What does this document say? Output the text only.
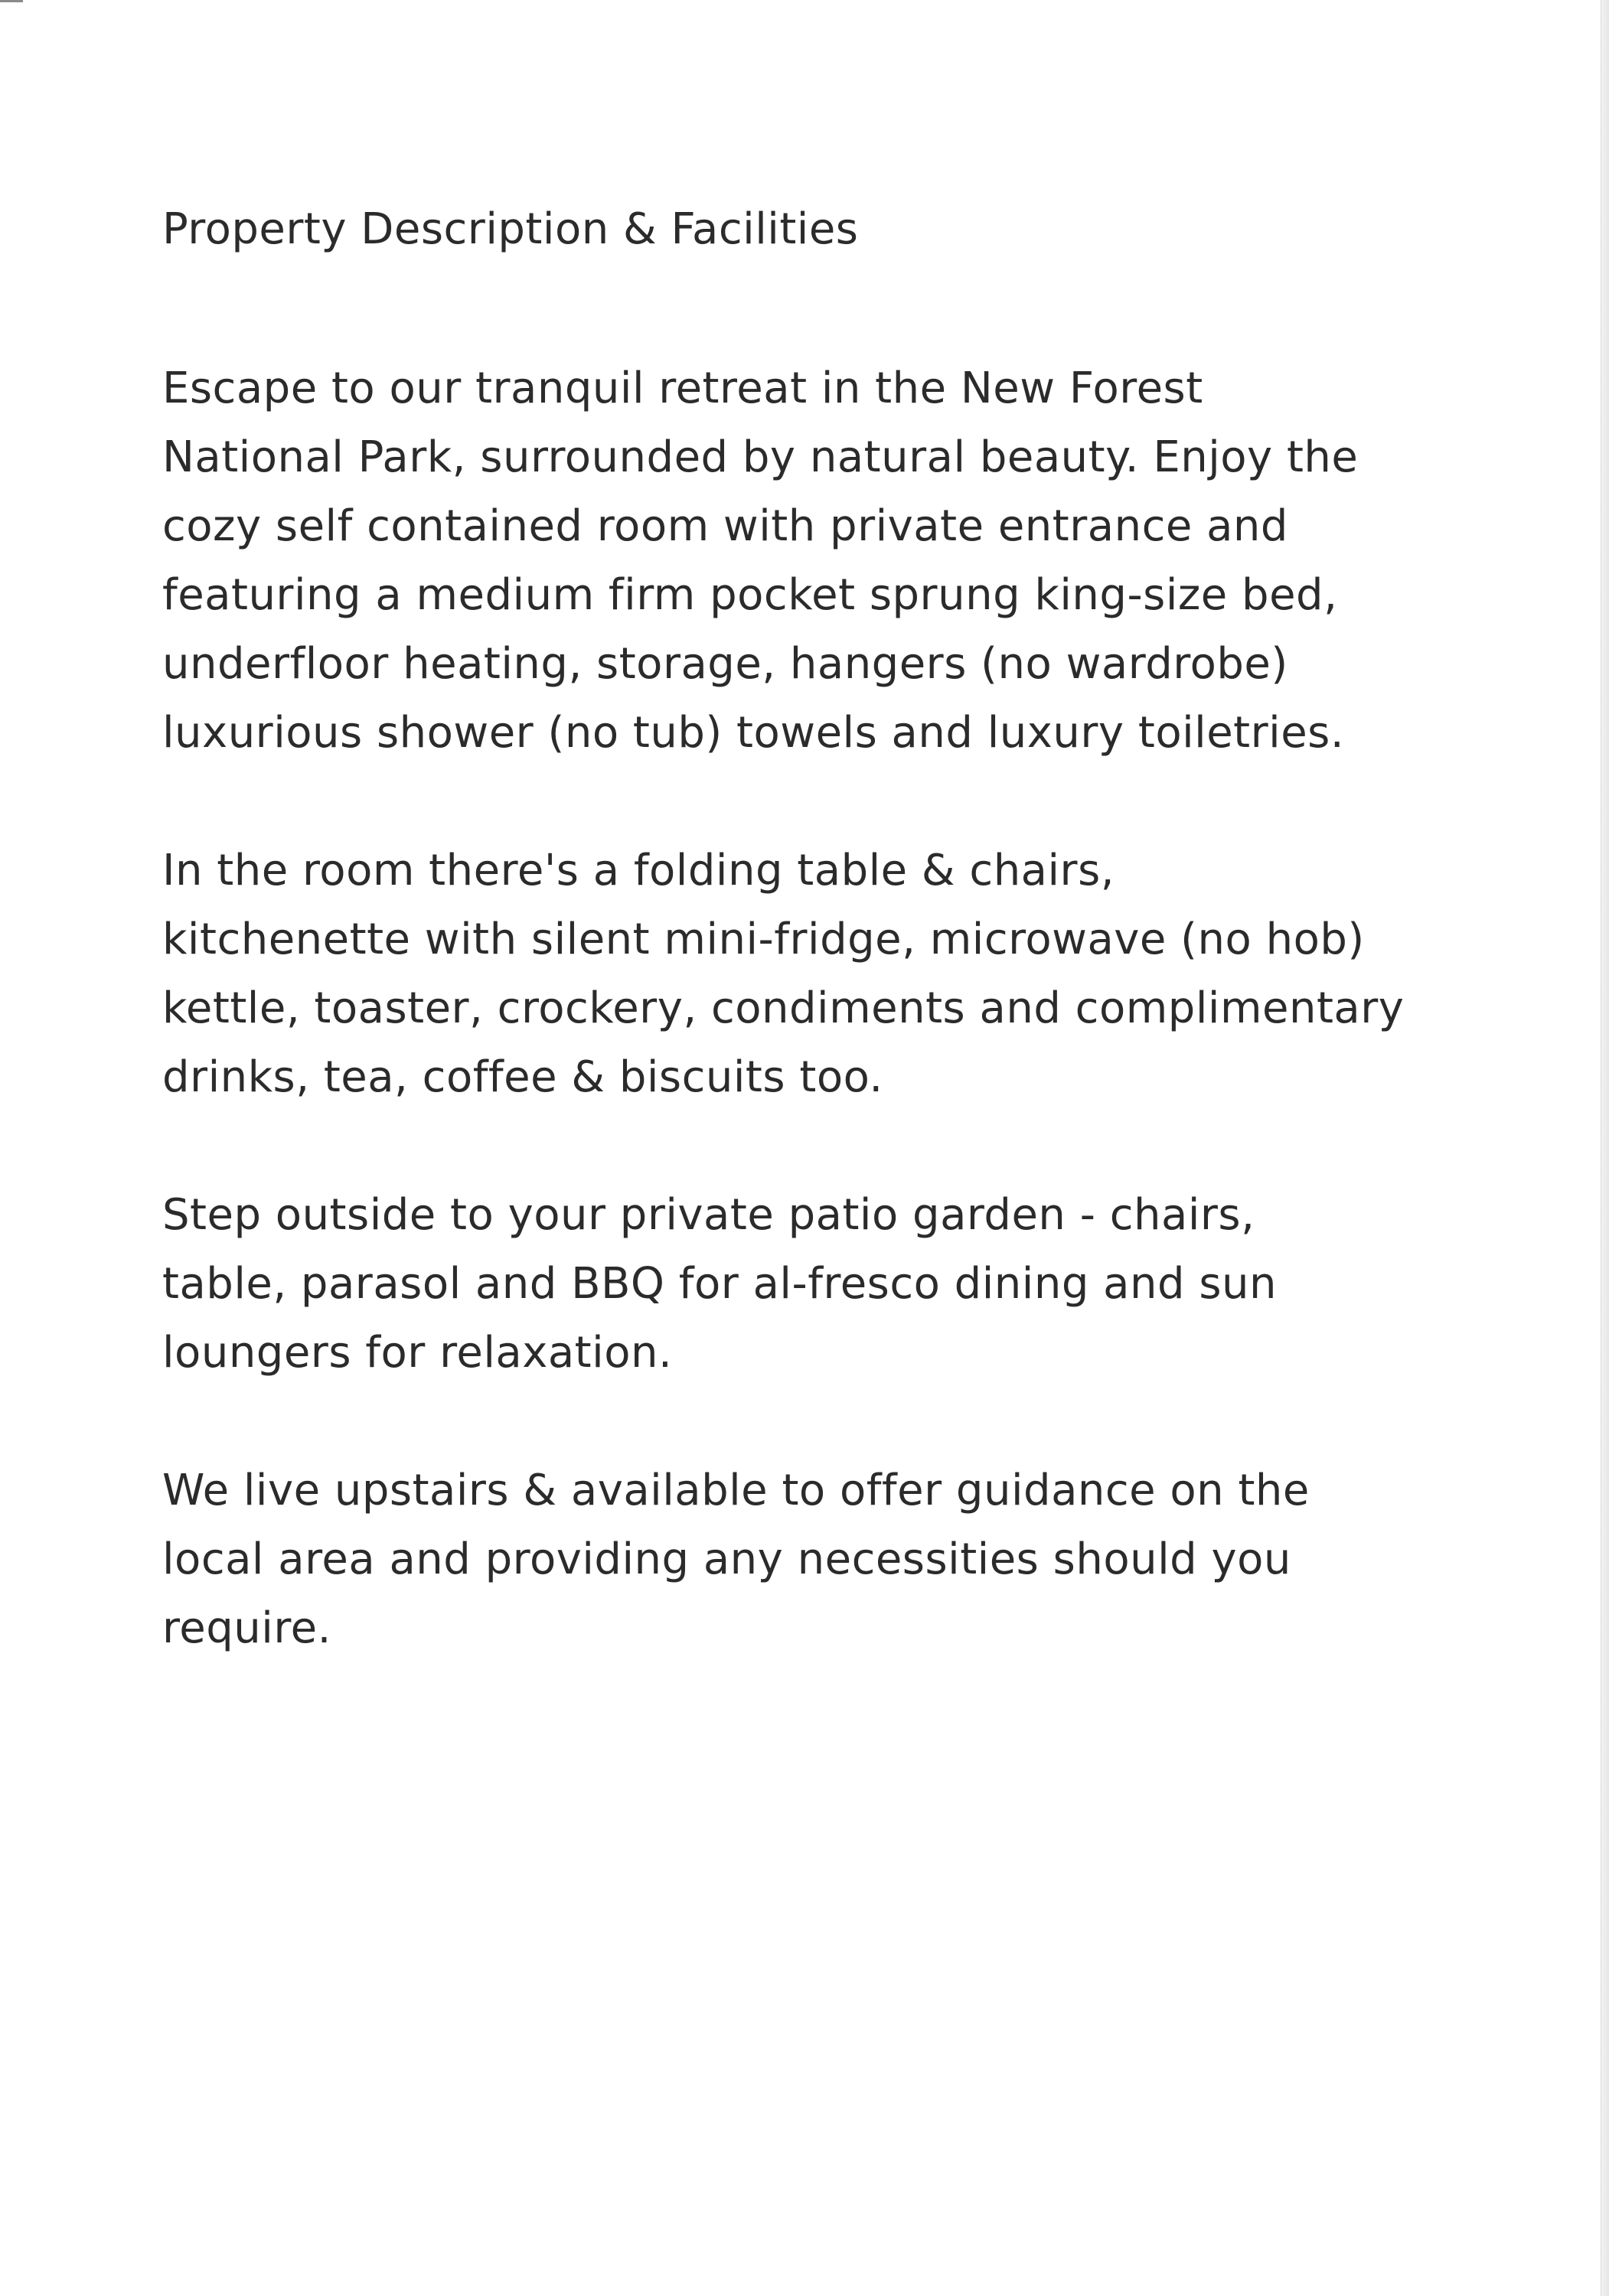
Property Description & Facilities

Escape to our tranquil retreat in the New Forest
National Park, surrounded by natural beauty. Enjoy the
cozy self contained room with private entrance and
featuring a medium firm pocket sprung king-size bed,
underfloor heating, storage, hangers (no wardrobe)
luxurious shower (no tub) towels and luxury toiletries.

In the room there's a folding table & chairs,
kitchenette with silent mini-fridge, microwave (no hob)
kettle, toaster, crockery, condiments and complimentary
drinks, tea, coffee & biscuits too.

Step outside to your private patio garden - chairs,
table, parasol and BBQ for al-fresco dining and sun
loungers for relaxation.

We live upstairs & available to offer guidance on the
local area and providing any necessities should you
require.
